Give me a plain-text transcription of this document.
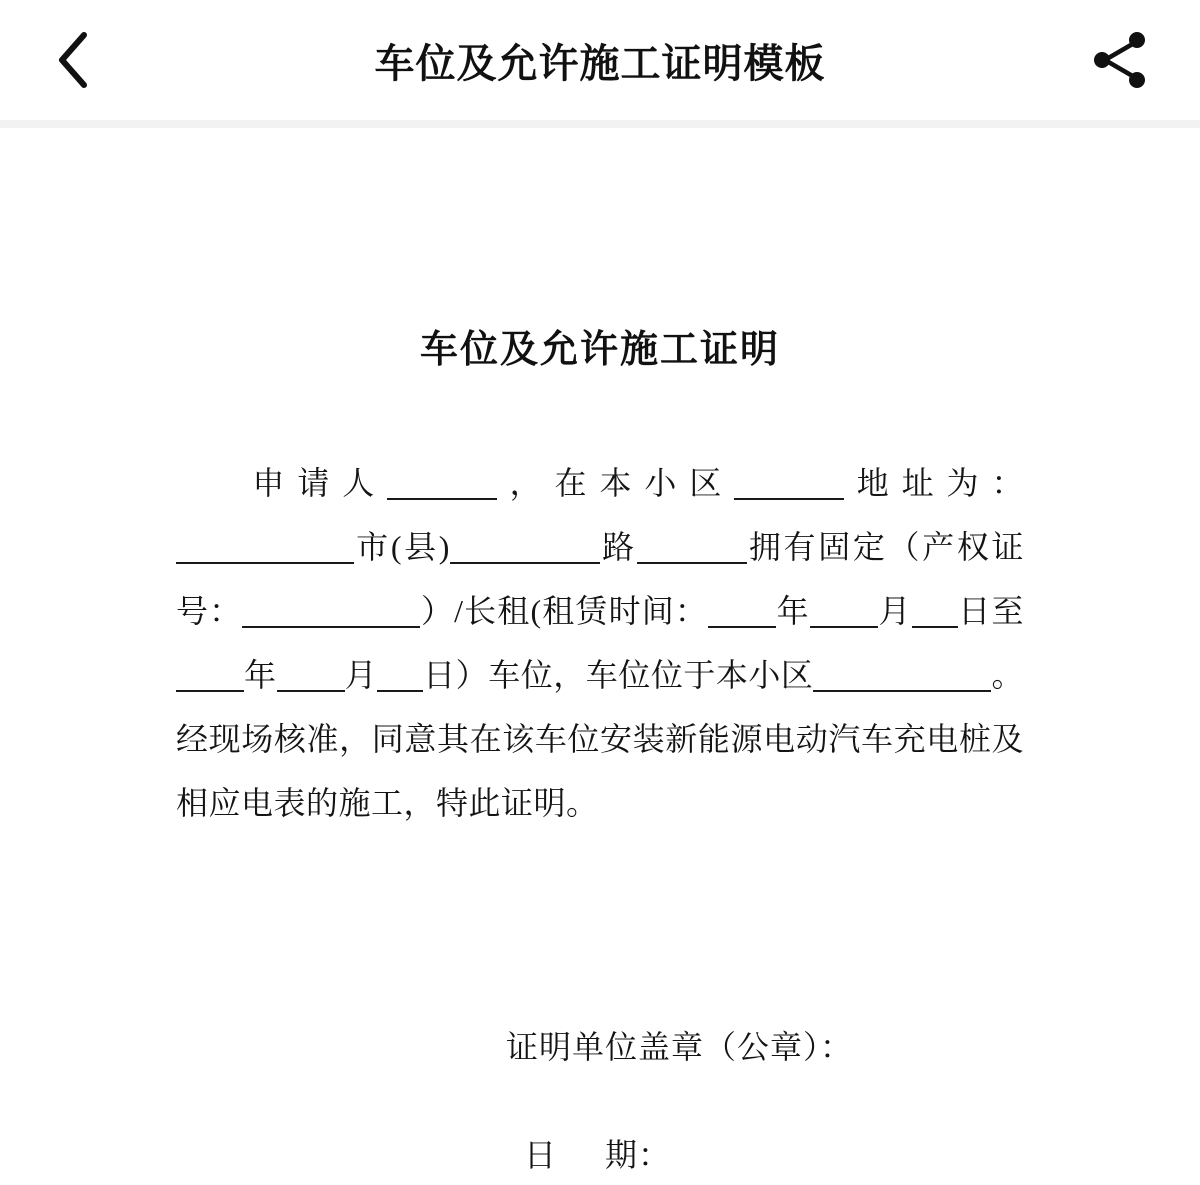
车位及允许施工证明模板
车位及允许施工证明
申请人	，在本小区	地址为：市(县)	路	拥有固定（产权证号：	）/长租(租赁时间： 年 月 日至年 月 日）车位，车位位于本小区	。经现场核准，同意其在该车位安装新能源电动汽车充电桩及相应电表的施工，特此证明。
证明单位盖章（公章）：
日 期：
